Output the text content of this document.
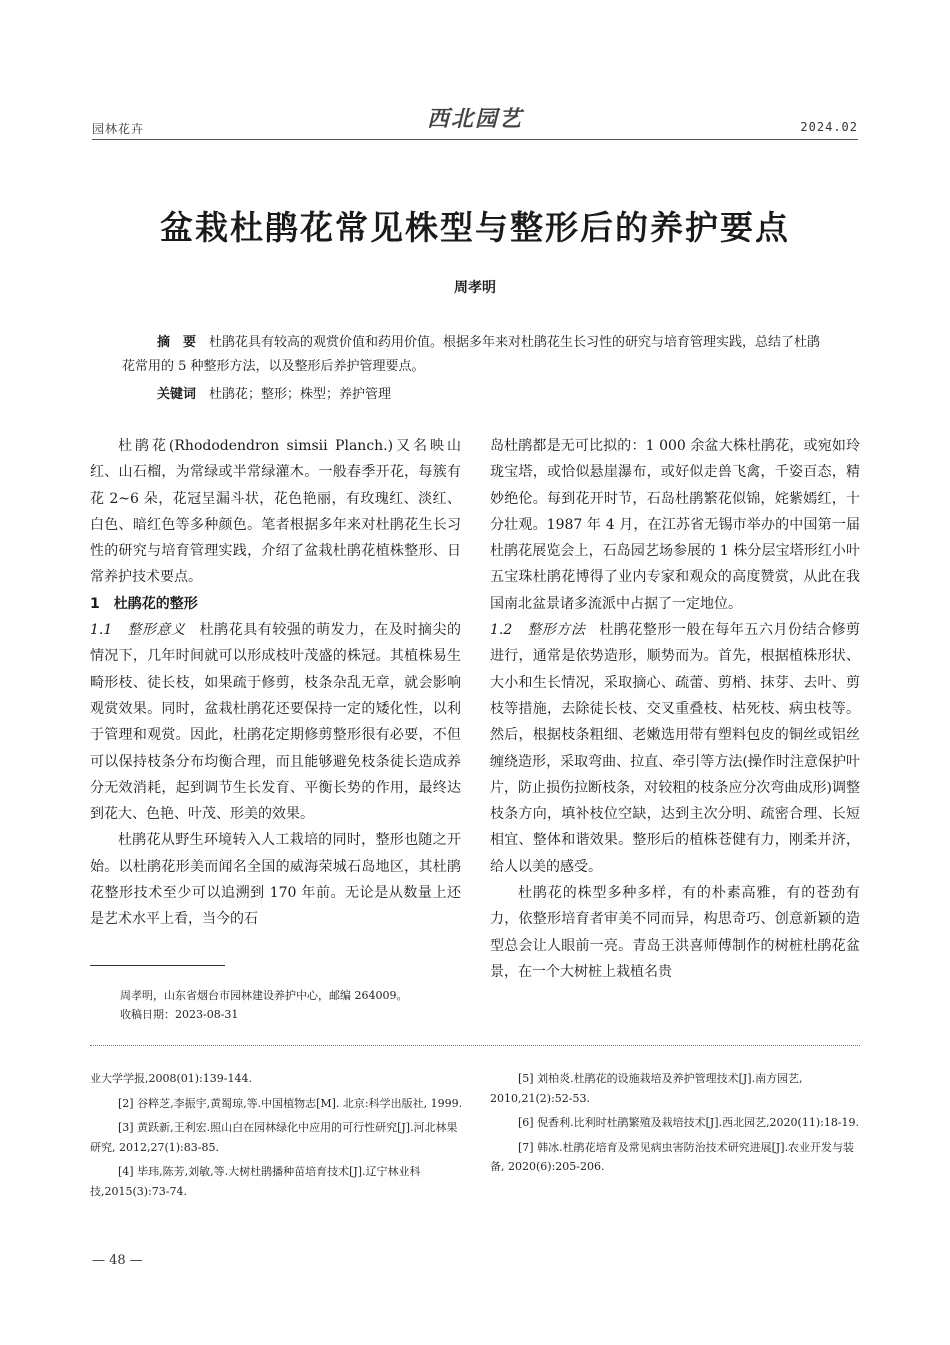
园林花卉	西北园艺	2024.02
盆栽杜鹃花常见株型与整形后的养护要点
周孝明

摘　要　 杜鹃花具有较高的观赏价值和药用价值。根据多年来对杜鹃花生长习性的研究与培育管理实践，总结了杜鹃花常用的 5 种整形方法，以及整形后养护管理要点。

关键词　 杜鹃花；整形；株型；养护管理

杜鹃花(Rhododendron simsii Planch.)又名映山红、山石榴，为常绿或半常绿灌木。一般春季开花，每簇有花 2~6 朵，花冠呈漏斗状，花色艳丽，有玫瑰红、淡红、白色、暗红色等多种颜色。笔者根据多年来对杜鹃花生长习性的研究与培育管理实践，介绍了盆栽杜鹃花植株整形、日常养护技术要点。

1　杜鹃花的整形

1.1　整形意义 杜鹃花具有较强的萌发力，在及时摘尖的情况下，几年时间就可以形成枝叶茂盛的株冠。其植株易生畸形枝、徒长枝，如果疏于修剪，枝条杂乱无章，就会影响观赏效果。同时，盆栽杜鹃花还要保持一定的矮化性，以利于管理和观赏。因此，杜鹃花定期修剪整形很有必要，不但可以保持枝条分布均衡合理，而且能够避免枝条徒长造成养分无效消耗，起到调节生长发育、平衡长势的作用，最终达到花大、色艳、叶茂、形美的效果。

杜鹃花从野生环境转入人工栽培的同时，整形也随之开始。以杜鹃花形美而闻名全国的威海荣城石岛地区，其杜鹃花整形技术至少可以追溯到 170 年前。无论是从数量上还是艺术水平上看，当今的石

岛杜鹃都是无可比拟的：1 000 余盆大株杜鹃花，或宛如玲珑宝塔，或恰似悬崖瀑布，或好似走兽飞禽，千姿百态，精妙绝伦。每到花开时节，石岛杜鹃繁花似锦，姹紫嫣红，十分壮观。1987 年 4 月，在江苏省无锡市举办的中国第一届杜鹃花展览会上，石岛园艺场参展的 1 株分层宝塔形红小叶五宝珠杜鹃花博得了业内专家和观众的高度赞赏，从此在我国南北盆景诸多流派中占据了一定地位。

1.2　整形方法 杜鹃花整形一般在每年五六月份结合修剪进行，通常是依势造形，顺势而为。首先，根据植株形状、大小和生长情况，采取摘心、疏蕾、剪梢、抹芽、去叶、剪枝等措施，去除徒长枝、交叉重叠枝、枯死枝、病虫枝等。然后，根据枝条粗细、老嫩选用带有塑料包皮的铜丝或铝丝缠绕造形，采取弯曲、拉直、牵引等方法(操作时注意保护叶片，防止损伤拉断枝条，对较粗的枝条应分次弯曲成形)调整枝条方向，填补枝位空缺，达到主次分明、疏密合理、长短相宜、整体和谐效果。整形后的植株苍健有力，刚柔并济，给人以美的感受。

杜鹃花的株型多种多样，有的朴素高雅，有的苍劲有力，依整形培育者审美不同而异，构思奇巧、创意新颖的造型总会让人眼前一亮。青岛王洪喜师傅制作的树桩杜鹃花盆景，在一个大树桩上栽植名贵

周孝明，山东省烟台市园林建设养护中心，邮编 264009。

收稿日期：2023-08-31

业大学学报,2008(01):139-144.

[2] 谷粹芝,李振宇,黄蜀琼,等.中国植物志[M]. 北京:科学出版社, 1999.

[3] 黄跃新,王利宏.照山白在园林绿化中应用的可行性研究[J].河北林果研究, 2012,27(1):83-85.

[4] 毕玮,陈芳,刘敏,等.大树杜鹃播种苗培育技术[J].辽宁林业科技,2015(3):73-74.

[5] 刘柏炎.杜鹃花的设施栽培及养护管理技术[J].南方园艺, 2010,21(2):52-53.

[6] 倪香利.比利时杜鹃繁殖及栽培技术[J].西北园艺,2020(11):18-19.

[7] 韩冰.杜鹃花培育及常见病虫害防治技术研究进展[J].农业开发与装备, 2020(6):205-206.

— 48 —
